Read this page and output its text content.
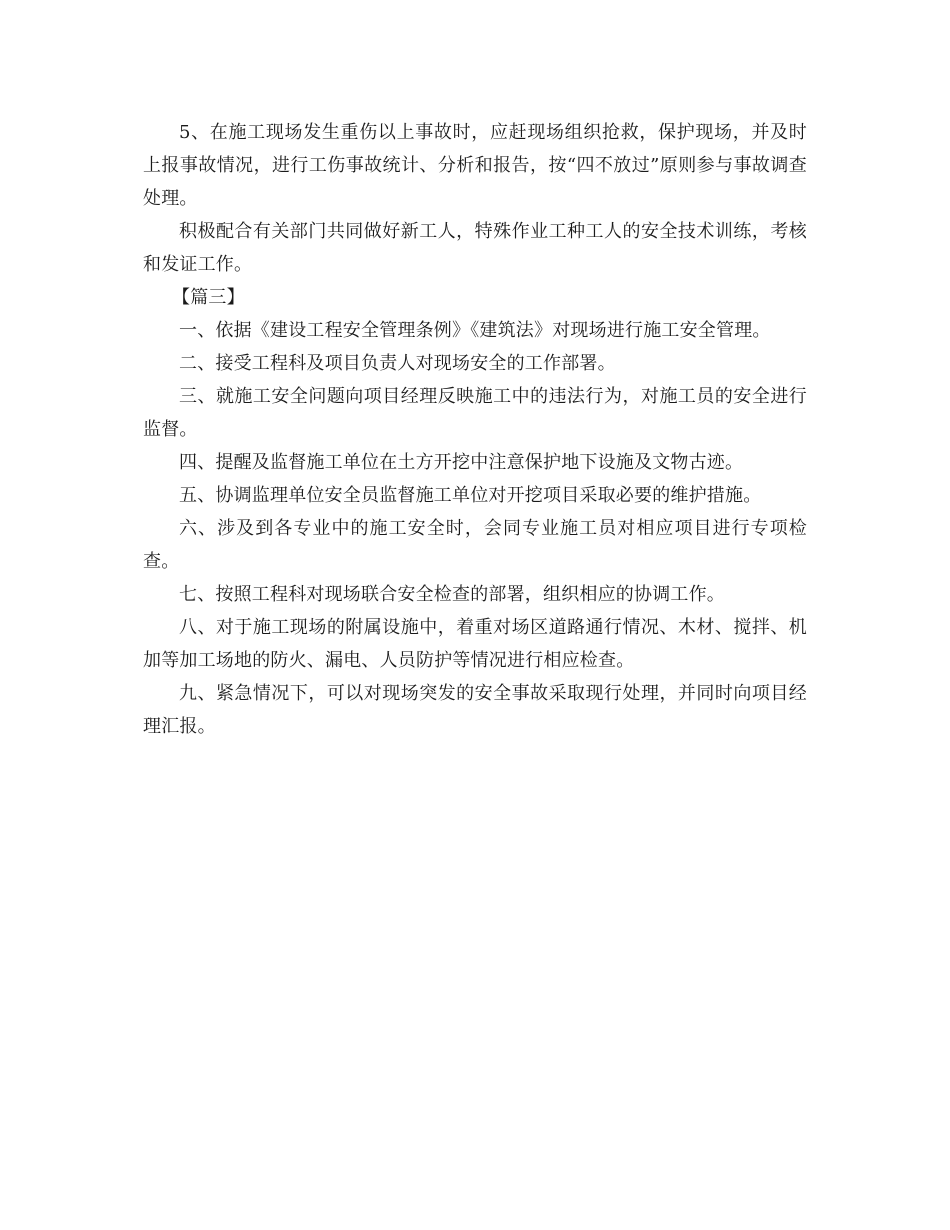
5、在施工现场发生重伤以上事故时，应赶现场组织抢救，保护现场，并及时上报事故情况，进行工伤事故统计、分析和报告，按“四不放过”原则参与事故调查处理。

积极配合有关部门共同做好新工人，特殊作业工种工人的安全技术训练，考核和发证工作。

【篇三】

一、依据《建设工程安全管理条例》《建筑法》对现场进行施工安全管理。

二、接受工程科及项目负责人对现场安全的工作部署。

三、就施工安全问题向项目经理反映施工中的违法行为，对施工员的安全进行监督。

四、提醒及监督施工单位在土方开挖中注意保护地下设施及文物古迹。

五、协调监理单位安全员监督施工单位对开挖项目采取必要的维护措施。

六、涉及到各专业中的施工安全时，会同专业施工员对相应项目进行专项检查。

七、按照工程科对现场联合安全检查的部署，组织相应的协调工作。

八、对于施工现场的附属设施中，着重对场区道路通行情况、木材、搅拌、机加等加工场地的防火、漏电、人员防护等情况进行相应检查。

九、紧急情况下，可以对现场突发的安全事故采取现行处理，并同时向项目经理汇报。
